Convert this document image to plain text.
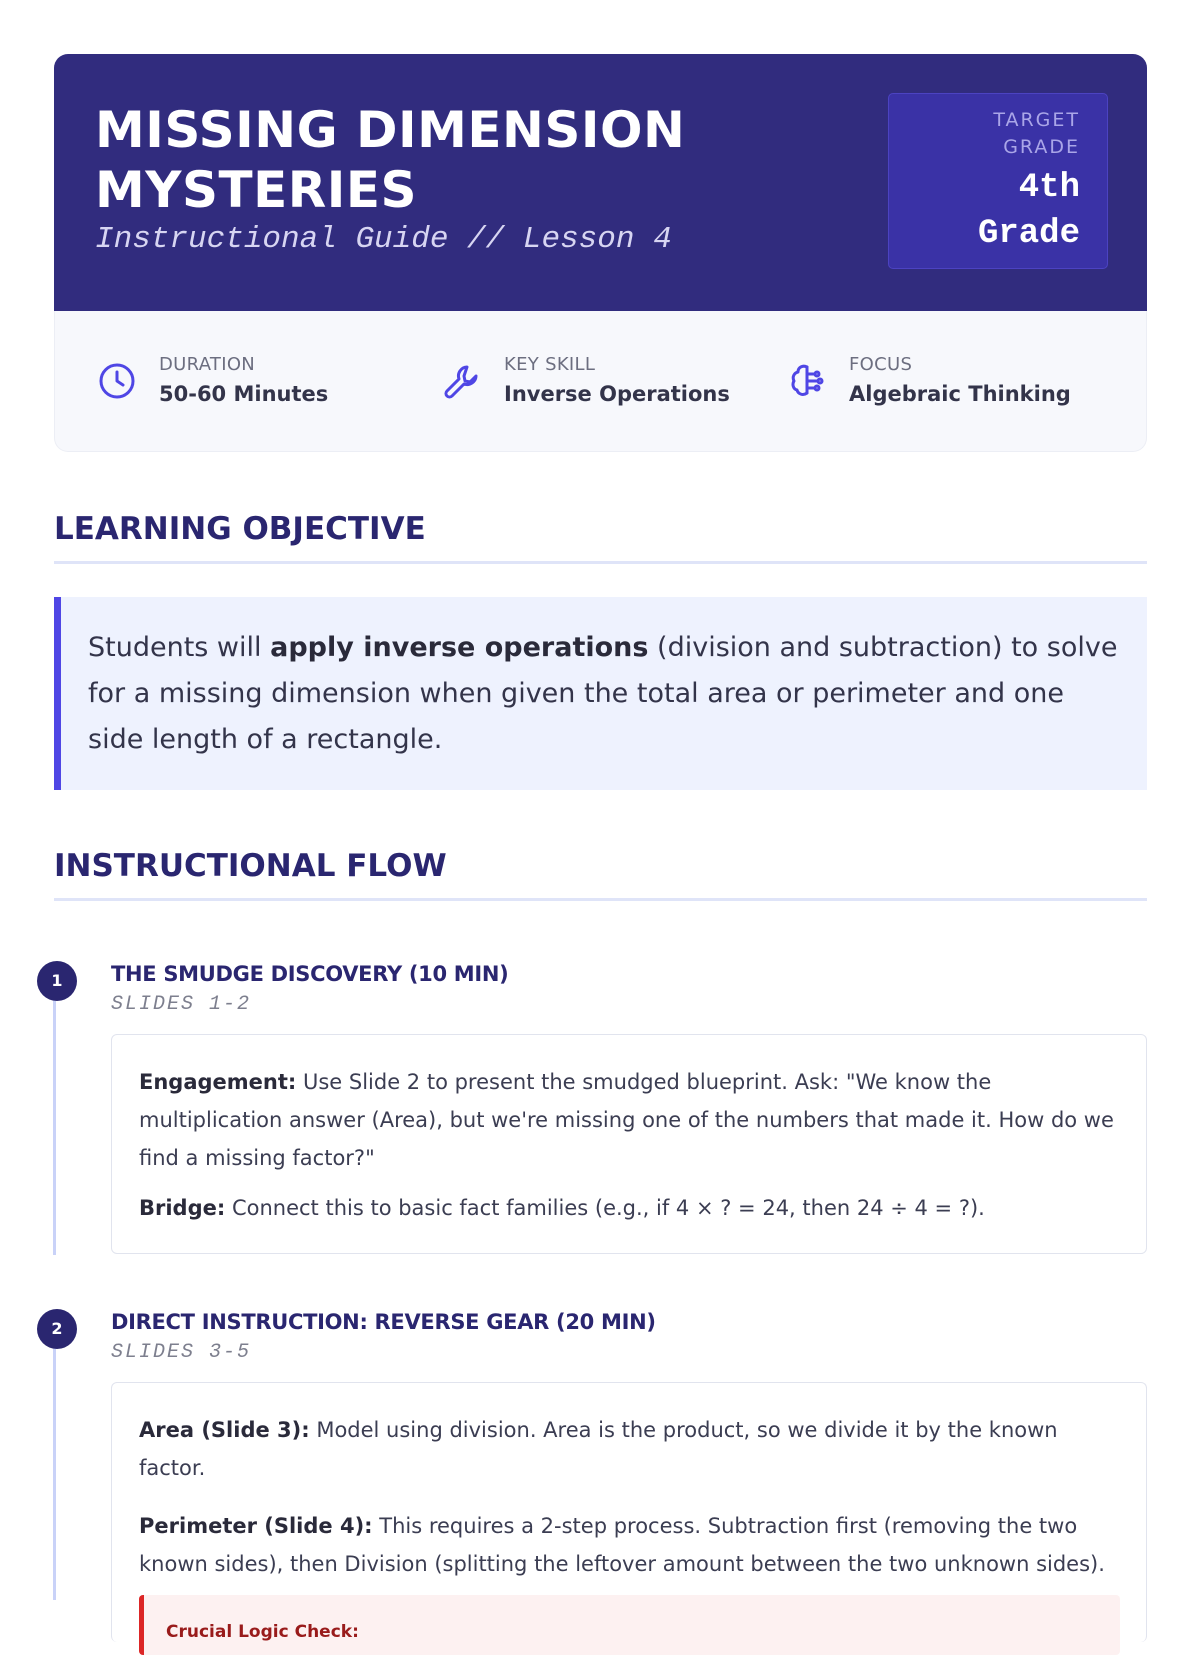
MISSING DIMENSION
MYSTERIES
Instructional Guide // Lesson 4
TARGET
GRADE
4th
Grade
DURATION
50-60 Minutes
KEY SKILL
Inverse Operations
FOCUS
Algebraic Thinking
LEARNING OBJECTIVE
Students will apply inverse operations (division and subtraction) to solve for a missing dimension when given the total area or perimeter and one side length of a rectangle.
INSTRUCTIONAL FLOW
1	THE SMUDGE DISCOVERY (10 MIN)
SLIDES 1-2

Engagement: Use Slide 2 to present the smudged blueprint. Ask: "We know the multiplication answer (Area), but we're missing one of the numbers that made it. How do we find a missing factor?"

Bridge: Connect this to basic fact families (e.g., if 4 × ? = 24, then 24 ÷ 4 = ?).

2	DIRECT INSTRUCTION: REVERSE GEAR (20 MIN)
SLIDES 3-5

Area (Slide 3): Model using division. Area is the product, so we divide it by the known factor.

Perimeter (Slide 4): This requires a 2-step process. Subtraction first (removing the two known sides), then Division (splitting the leftover amount between the two unknown sides).

Crucial Logic Check:
